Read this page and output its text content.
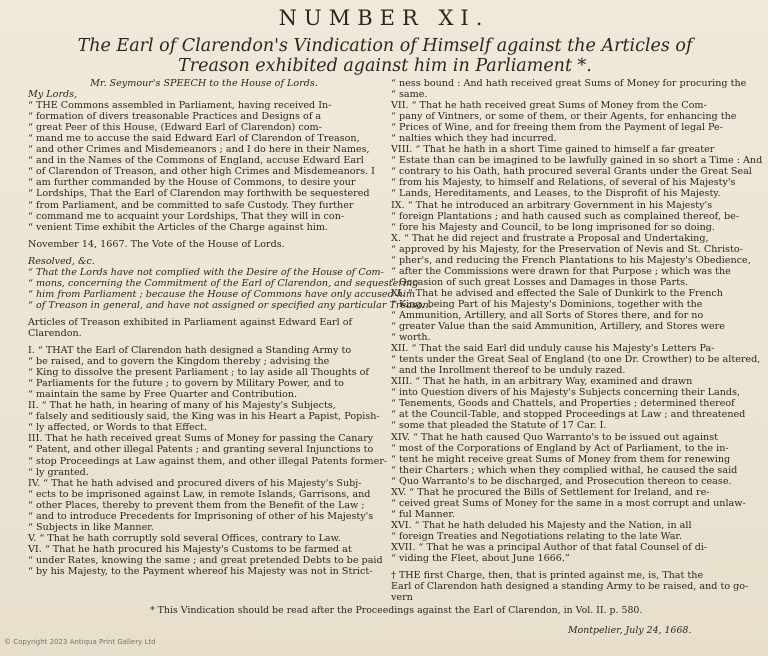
NUMBER XI.
The Earl of Clarendon's Vindication of Himself against the Articles of Treason exhibited against him in Parliament *.
Mr. Seymour's SPEECH to the House of Lords.
My Lords,
“ THE Commons assembled in Parliament, having received In-
“ formation of divers treasonable Practices and Designs of a
“ great Peer of this House, (Edward Earl of Clarendon) com-
“ mand me to accuse the said Edward Earl of Clarendon of Treason,
“ and other Crimes and Misdemeanors ; and I do here in their Names,
“ and in the Names of the Commons of England, accuse Edward Earl
“ of Clarendon of Treason, and other high Crimes and Misdemeanors. I
“ am further commanded by the House of Commons, to desire your
“ Lordships, That the Earl of Clarendon may forthwith be sequestered
“ from Parliament, and be committed to safe Custody. They further
“ command me to acquaint your Lordships, That they will in con-
“ venient Time exhibit the Articles of the Charge against him.
November 14, 1667. The Vote of the House of Lords.
Resolved, &c.
“ That the Lords have not complied with the Desire of the House of Com-
“ mons, concerning the Commitment of the Earl of Clarendon, and sequestering
“ him from Parliament ; because the House of Commons have only accused him
“ of Treason in general, and have not assigned or specified any particular Treason.
Articles of Treason exhibited in Parliament against Edward Earl of
Clarendon.
I. “ THAT the Earl of Clarendon hath designed a Standing Army to
“ be raised, and to govern the Kingdom thereby ; advising the
“ King to dissolve the present Parliament ; to lay aside all Thoughts of
“ Parliaments for the future ; to govern by Military Power, and to
“ maintain the same by Free Quarter and Contribution.
II. “ That he hath, in hearing of many of his Majesty's Subjects,
“ falsely and seditiously said, the King was in his Heart a Papist, Popish-
“ ly affected, or Words to that Effect.
III. That he hath received great Sums of Money for passing the Canary
“ Patent, and other illegal Patents ; and granting several Injunctions to
“ stop Proceedings at Law against them, and other illegal Patents former-
“ ly granted.
IV. “ That he hath advised and procured divers of his Majesty's Subj-
“ ects to be imprisoned against Law, in remote Islands, Garrisons, and
“ other Places, thereby to prevent them from the Benefit of the Law ;
“ and to introduce Precedents for Imprisoning of other of his Majesty's
“ Subjects in like Manner.
V. “ That he hath corruptly sold several Offices, contrary to Law.
VI. “ That he hath procured his Majesty's Customs to be farmed at
“ under Rates, knowing the same ; and great pretended Debts to be paid
“ by his Majesty, to the Payment whereof his Majesty was not in Strict-
“ ness bound : And hath received great Sums of Money for procuring the
“ same.
VII. “ That he hath received great Sums of Money from the Com-
“ pany of Vintners, or some of them, or their Agents, for enhancing the
“ Prices of Wine, and for freeing them from the Payment of legal Pe-
“ nalties which they had incurred.
VIII. “ That he hath in a short Time gained to himself a far greater
“ Estate than can be imagined to be lawfully gained in so short a Time : And
“ contrary to his Oath, hath procured several Grants under the Great Seal
“ from his Majesty, to himself and Relations, of several of his Majesty's
“ Lands, Hereditaments, and Leases, to the Disprofit of his Majesty.
IX. “ That he introduced an arbitrary Government in his Majesty's
“ foreign Plantations ; and hath caused such as complained thereof, be-
“ fore his Majesty and Council, to be long imprisoned for so doing.
X. “ That he did reject and frustrate a Proposal and Undertaking,
“ approved by his Majesty, for the Preservation of Nevis and St. Christo-
“ pher's, and reducing the French Plantations to his Majesty's Obedience,
“ after the Commissions were drawn for that Purpose ; which was the
“ Occasion of such great Losses and Damages in those Parts.
XI. “ That he advised and effected the Sale of Dunkirk to the French
“ King, being Part of his Majesty's Dominions, together with the
“ Ammunition, Artillery, and all Sorts of Stores there, and for no
“ greater Value than the said Ammunition, Artillery, and Stores were
“ worth.
XII. “ That the said Earl did unduly cause his Majesty's Letters Pa-
“ tents under the Great Seal of England (to one Dr. Crowther) to be altered,
“ and the Inrollment thereof to be unduly razed.
XIII. “ That he hath, in an arbitrary Way, examined and drawn
“ into Question divers of his Majesty's Subjects concerning their Lands,
“ Tenements, Goods and Chattels, and Properties ; determined thereof
“ at the Council-Table, and stopped Proceedings at Law ; and threatened
“ some that pleaded the Statute of 17 Car. I.
XIV. “ That he hath caused Quo Warranto's to be issued out against
“ most of the Corporations of England by Act of Parliament, to the in-
“ tent he might receive great Sums of Money from them for renewing
“ their Charters ; which when they complied withal, he caused the said
“ Quo Warranto's to be discharged, and Prosecution thereon to cease.
XV. “ That he procured the Bills of Settlement for Ireland, and re-
“ ceived great Sums of Money for the same in a most corrupt and unlaw-
“ ful Manner.
XVI. “ That he hath deluded his Majesty and the Nation, in all
“ foreign Treaties and Negotiations relating to the late War.
XVII. “ That he was a principal Author of that fatal Counsel of di-
“ viding the Fleet, about June 1666.”
† THE first Charge, then, that is printed against me, is, That the
Earl of Clarendon hath designed a standing Army to be raised, and to go-
vern
* This Vindication should be read after the Proceedings against the Earl of Clarendon, in Vol. II. p. 580.
Montpelier, July 24, 1668.
© Copyright 2023 Antiqua Print Gallery Ltd
